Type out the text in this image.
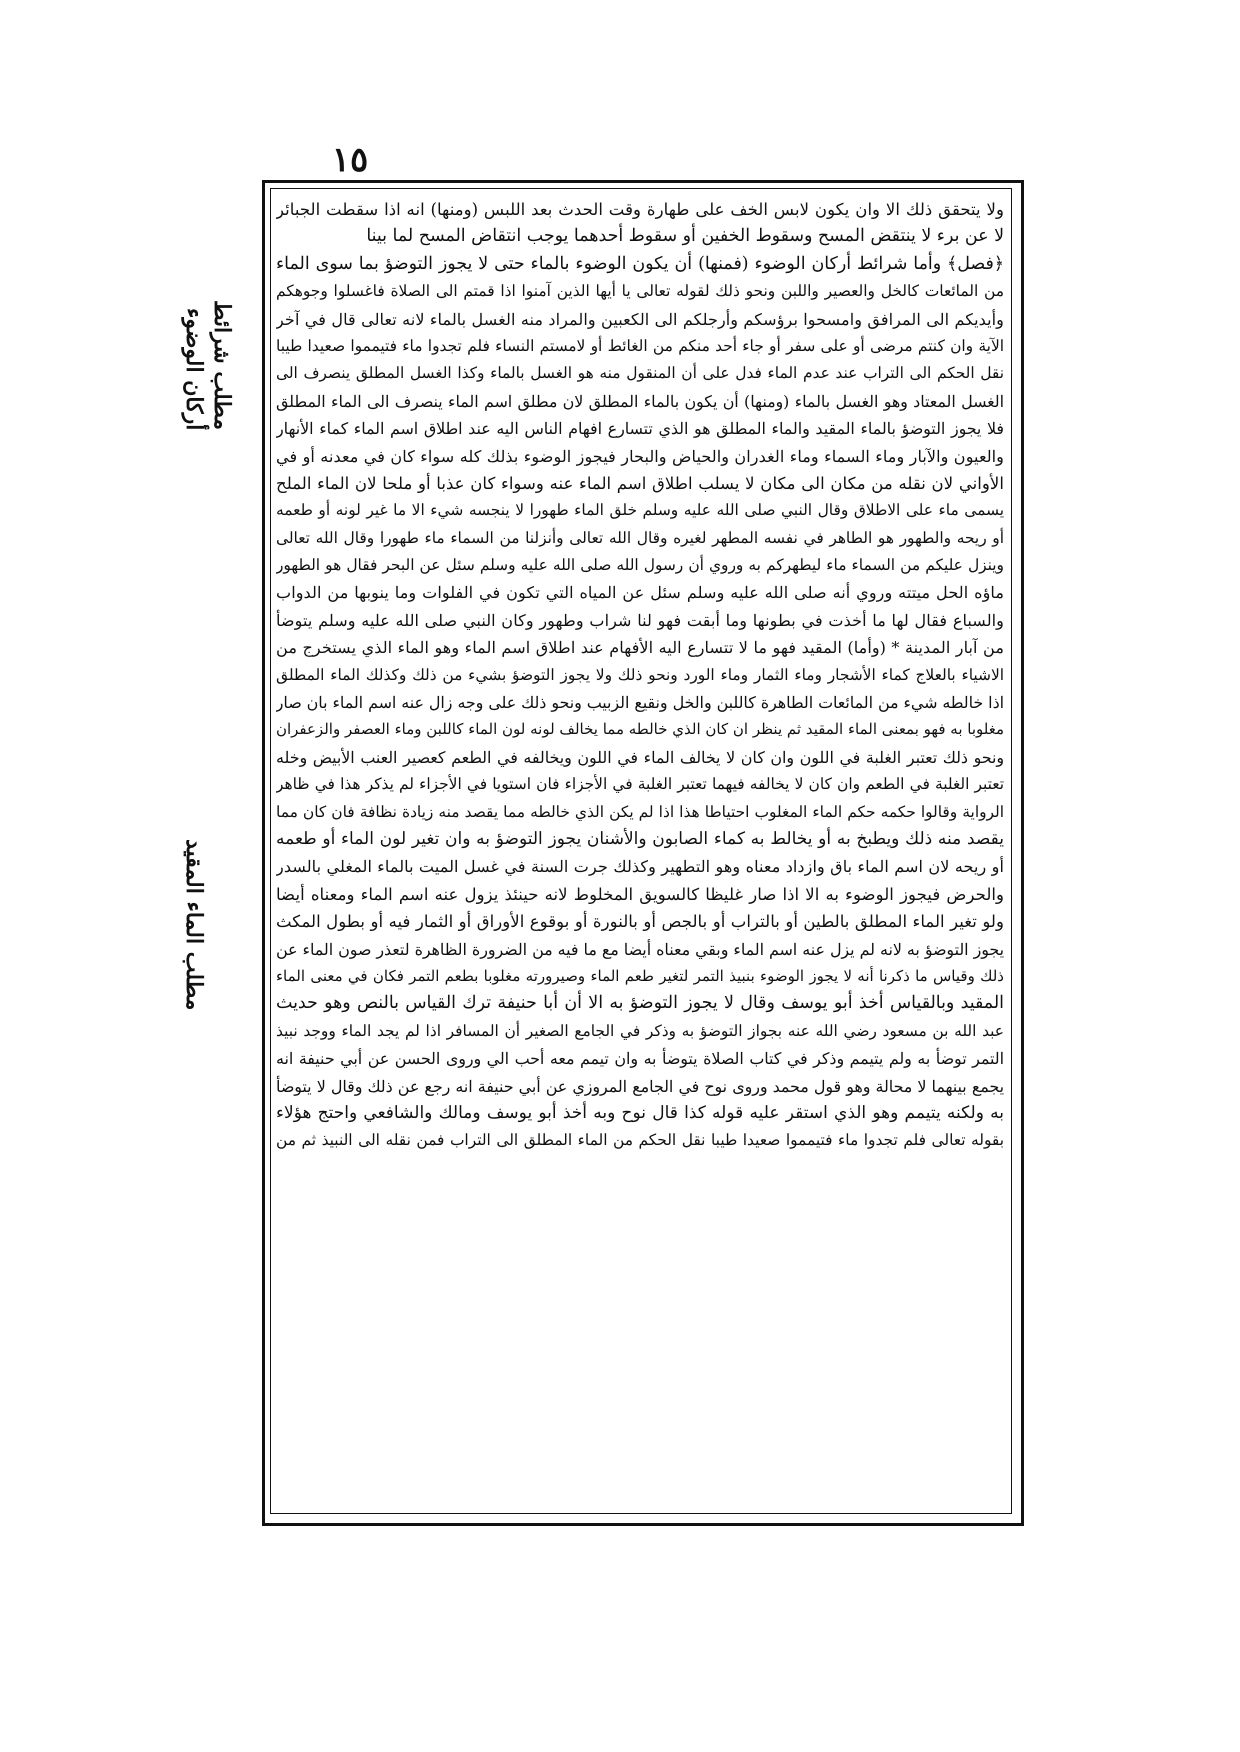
١٥
مطلب شرائط أركان الوضوء
مطلب الماء المقيد
ولا يتحقق ذلك الا وان يكون لابس الخف على طهارة وقت الحدث بعد اللبس (ومنها) انه اذا سقطت الجبائر
لا عن برء لا ينتقض المسح وسقوط الخفين أو سقوط أحدهما يوجب انتقاض المسح لما بينا
﴿فصل﴾ وأما شرائط أركان الوضوء (فمنها) أن يكون الوضوء بالماء حتى لا يجوز التوضؤ بما سوى الماء
من المائعات كالخل والعصير واللبن ونحو ذلك لقوله تعالى يا أيها الذين آمنوا اذا قمتم الى الصلاة فاغسلوا وجوهكم
وأيديكم الى المرافق وامسحوا برؤسكم وأرجلكم الى الكعبين والمراد منه الغسل بالماء لانه تعالى قال في آخر
الآية وان كنتم مرضى أو على سفر أو جاء أحد منكم من الغائط أو لامستم النساء فلم تجدوا ماء فتيمموا صعيدا طيبا
نقل الحكم الى التراب عند عدم الماء فدل على أن المنقول منه هو الغسل بالماء وكذا الغسل المطلق ينصرف الى
الغسل المعتاد وهو الغسل بالماء (ومنها) أن يكون بالماء المطلق لان مطلق اسم الماء ينصرف الى الماء المطلق
فلا يجوز التوضؤ بالماء المقيد والماء المطلق هو الذي تتسارع افهام الناس اليه عند اطلاق اسم الماء كماء الأنهار
والعيون والآبار وماء السماء وماء الغدران والحياض والبحار فيجوز الوضوء بذلك كله سواء كان في معدنه أو في
الأواني لان نقله من مكان الى مكان لا يسلب اطلاق اسم الماء عنه وسواء كان عذبا أو ملحا لان الماء الملح
يسمى ماء على الاطلاق وقال النبي صلى الله عليه وسلم خلق الماء طهورا لا ينجسه شيء الا ما غير لونه أو طعمه
أو ريحه والطهور هو الطاهر في نفسه المطهر لغيره وقال الله تعالى وأنزلنا من السماء ماء طهورا وقال الله تعالى
وينزل عليكم من السماء ماء ليطهركم به وروي أن رسول الله صلى الله عليه وسلم سئل عن البحر فقال هو الطهور
ماؤه الحل ميتته وروي أنه صلى الله عليه وسلم سئل عن المياه التي تكون في الفلوات وما ينوبها من الدواب
والسباع فقال لها ما أخذت في بطونها وما أبقت فهو لنا شراب وطهور وكان النبي صلى الله عليه وسلم يتوضأ
من آبار المدينة * (وأما) المقيد فهو ما لا تتسارع اليه الأفهام عند اطلاق اسم الماء وهو الماء الذي يستخرج من
الاشياء بالعلاج كماء الأشجار وماء الثمار وماء الورد ونحو ذلك ولا يجوز التوضؤ بشيء من ذلك وكذلك الماء المطلق
اذا خالطه شيء من المائعات الطاهرة كاللبن والخل ونقيع الزبيب ونحو ذلك على وجه زال عنه اسم الماء بان صار
مغلوبا به فهو بمعنى الماء المقيد ثم ينظر ان كان الذي خالطه مما يخالف لونه لون الماء كاللبن وماء العصفر والزعفران
ونحو ذلك تعتبر الغلبة في اللون وان كان لا يخالف الماء في اللون ويخالفه في الطعم كعصير العنب الأبيض وخله
تعتبر الغلبة في الطعم وان كان لا يخالفه فيهما تعتبر الغلبة في الأجزاء فان استويا في الأجزاء لم يذكر هذا في ظاهر
الرواية وقالوا حكمه حكم الماء المغلوب احتياطا هذا اذا لم يكن الذي خالطه مما يقصد منه زيادة نظافة فان كان مما
يقصد منه ذلك ويطبخ به أو يخالط به كماء الصابون والأشنان يجوز التوضؤ به وان تغير لون الماء أو طعمه
أو ريحه لان اسم الماء باق وازداد معناه وهو التطهير وكذلك جرت السنة في غسل الميت بالماء المغلي بالسدر
والحرض فيجوز الوضوء به الا اذا صار غليظا كالسويق المخلوط لانه حينئذ يزول عنه اسم الماء ومعناه أيضا
ولو تغير الماء المطلق بالطين أو بالتراب أو بالجص أو بالنورة أو بوقوع الأوراق أو الثمار فيه أو بطول المكث
يجوز التوضؤ به لانه لم يزل عنه اسم الماء وبقي معناه أيضا مع ما فيه من الضرورة الظاهرة لتعذر صون الماء عن
ذلك وقياس ما ذكرنا أنه لا يجوز الوضوء بنبيذ التمر لتغير طعم الماء وصيرورته مغلوبا بطعم التمر فكان في معنى الماء
المقيد وبالقياس أخذ أبو يوسف وقال لا يجوز التوضؤ به الا أن أبا حنيفة ترك القياس بالنص وهو حديث
عبد الله بن مسعود رضي الله عنه بجواز التوضؤ به وذكر في الجامع الصغير أن المسافر اذا لم يجد الماء ووجد نبيذ
التمر توضأ به ولم يتيمم وذكر في كتاب الصلاة يتوضأ به وان تيمم معه أحب الي وروى الحسن عن أبي حنيفة انه
يجمع بينهما لا محالة وهو قول محمد وروى نوح في الجامع المروزي عن أبي حنيفة انه رجع عن ذلك وقال لا يتوضأ
به ولكنه يتيمم وهو الذي استقر عليه قوله كذا قال نوح وبه أخذ أبو يوسف ومالك والشافعي واحتج هؤلاء
بقوله تعالى فلم تجدوا ماء فتيمموا صعيدا طيبا نقل الحكم من الماء المطلق الى التراب فمن نقله الى النبيذ ثم من
